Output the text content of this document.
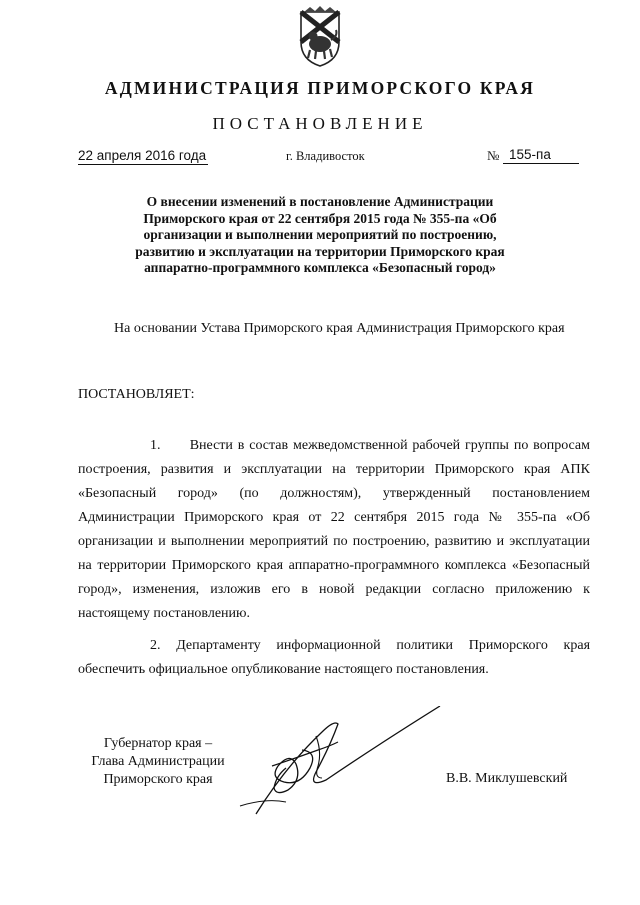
АДМИНИСТРАЦИЯ ПРИМОРСКОГО КРАЯ
ПОСТАНОВЛЕНИЕ
22 апреля 2016 года	г. Владивосток	№ 155-па
О внесении изменений в постановление Администрации Приморского края от 22 сентября 2015 года № 355-па «Об организации и выполнении мероприятий по построению, развитию и эксплуатации на территории Приморского края аппаратно-программного комплекса «Безопасный город»
На основании Устава Приморского края Администрация Приморского края
ПОСТАНОВЛЯЕТ:
1. Внести в состав межведомственной рабочей группы по вопросам построения, развития и эксплуатации на территории Приморского края АПК «Безопасный город» (по должностям), утвержденный постановлением Администрации Приморского края от 22 сентября 2015 года № 355-па «Об организации и выполнении мероприятий по построению, развитию и эксплуатации на территории Приморского края аппаратно-программного комплекса «Безопасный город», изменения, изложив его в новой редакции согласно приложению к настоящему постановлению.
2. Департаменту информационной политики Приморского края обеспечить официальное опубликование настоящего постановления.
Губернатор края –
Глава Администрации
Приморского края	В.В. Миклушевский
